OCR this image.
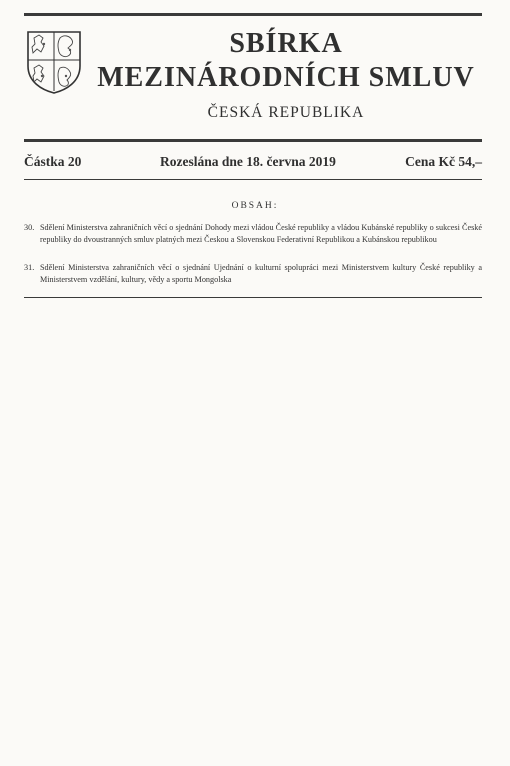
SBÍRKA
MEZINÁRODNÍCH SMLUV
ČESKÁ REPUBLIKA
Částka 20	Rozeslána dne 18. června 2019	Cena Kč 54,–
OBSAH:
30. Sdělení Ministerstva zahraničních věcí o sjednání Dohody mezi vládou České republiky a vládou Kubánské republiky o sukcesi České republiky do dvoustranných smluv platných mezi Českou a Slovenskou Federativní Republikou a Kubánskou republikou
31. Sdělení Ministerstva zahraničních věcí o sjednání Ujednání o kulturní spolupráci mezi Ministerstvem kultury České republiky a Ministerstvem vzdělání, kultury, vědy a sportu Mongolska
